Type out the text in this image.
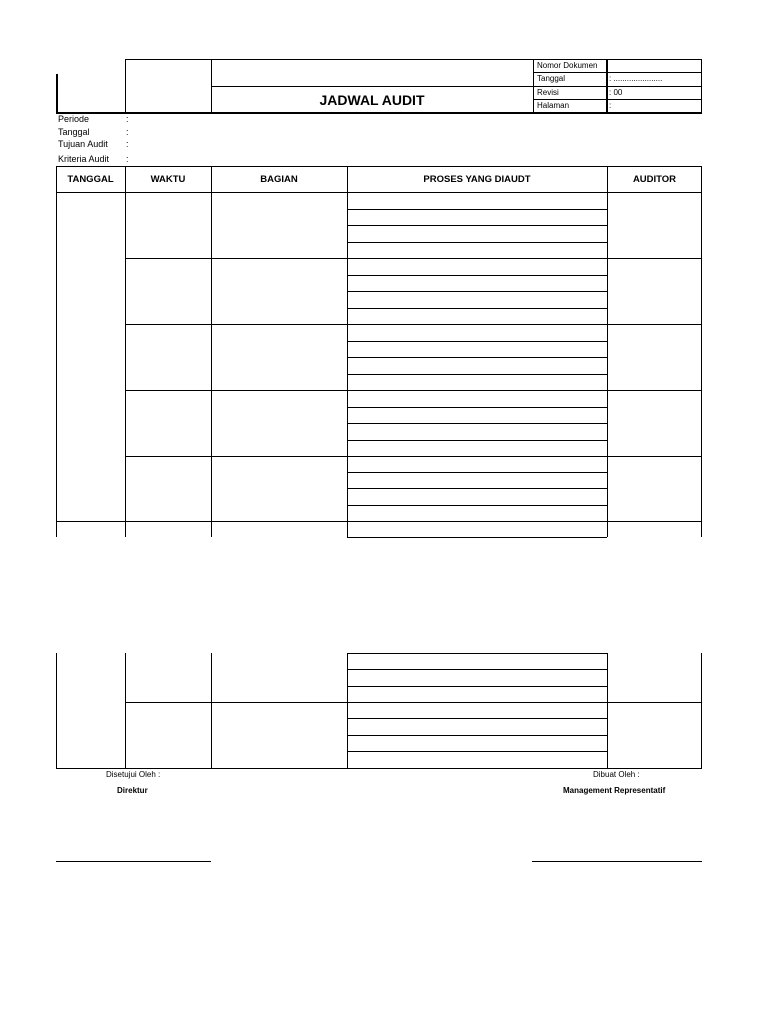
JADWAL AUDIT
Nomor Dokumen
Tanggal	: ......................
Revisi	: 00
Halaman	:
Periode	:
Tanggal	:
Tujuan Audit :
Kriteria Audit :
TANGGAL	WAKTU	BAGIAN	PROSES YANG DIAUDT	AUDITOR
Disetujui Oleh :
Direktur
Dibuat Oleh :
Management Representatif
